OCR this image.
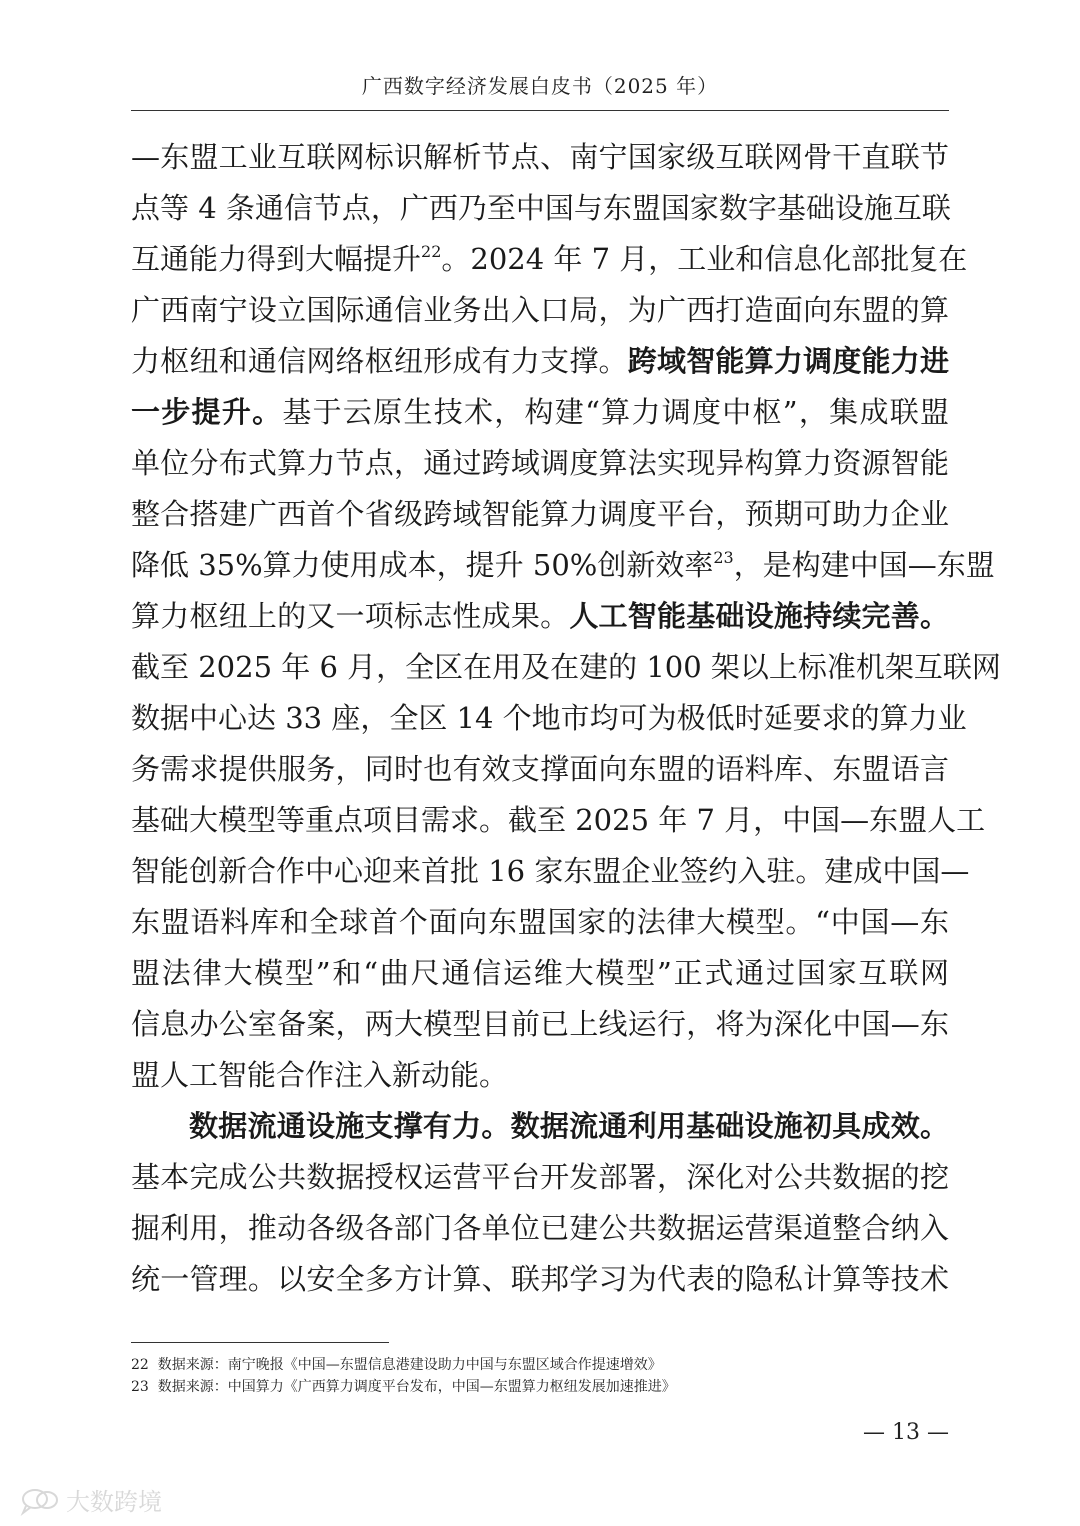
广西数字经济发展白皮书（2025 年）
—东盟工业互联网标识解析节点、南宁国家级互联网骨干直联节
点等 4 条通信节点，广西乃至中国与东盟国家数字基础设施互联
互通能力得到大幅提升$^{22}$。2024 年 7 月，工业和信息化部批复在
广西南宁设立国际通信业务出入口局，为广西打造面向东盟的算
力枢纽和通信网络枢纽形成有力支撑。跨域智能算力调度能力进
一步提升。基于云原生技术，构建“算力调度中枢”，集成联盟
单位分布式算力节点，通过跨域调度算法实现异构算力资源智能
整合搭建广西首个省级跨域智能算力调度平台，预期可助力企业
降低 35%算力使用成本，提升 50%创新效率$^{23}$，是构建中国—东盟
算力枢纽上的又一项标志性成果。人工智能基础设施持续完善。
截至 2025 年 6 月，全区在用及在建的 100 架以上标准机架互联网
数据中心达 33 座，全区 14 个地市均可为极低时延要求的算力业
务需求提供服务，同时也有效支撑面向东盟的语料库、东盟语言
基础大模型等重点项目需求。截至 2025 年 7 月，中国—东盟人工
智能创新合作中心迎来首批 16 家东盟企业签约入驻。建成中国—
东盟语料库和全球首个面向东盟国家的法律大模型。“中国—东
盟法律大模型”和“曲尺通信运维大模型”正式通过国家互联网
信息办公室备案，两大模型目前已上线运行，将为深化中国—东
盟人工智能合作注入新动能。
数据流通设施支撑有力。数据流通利用基础设施初具成效。
基本完成公共数据授权运营平台开发部署，深化对公共数据的挖
掘利用，推动各级各部门各单位已建公共数据运营渠道整合纳入
统一管理。以安全多方计算、联邦学习为代表的隐私计算等技术
22 数据来源：南宁晚报《中国—东盟信息港建设助力中国与东盟区域合作提速增效》
23 数据来源：中国算力《广西算力调度平台发布，中国—东盟算力枢纽发展加速推进》
— 13 —
大数跨境
